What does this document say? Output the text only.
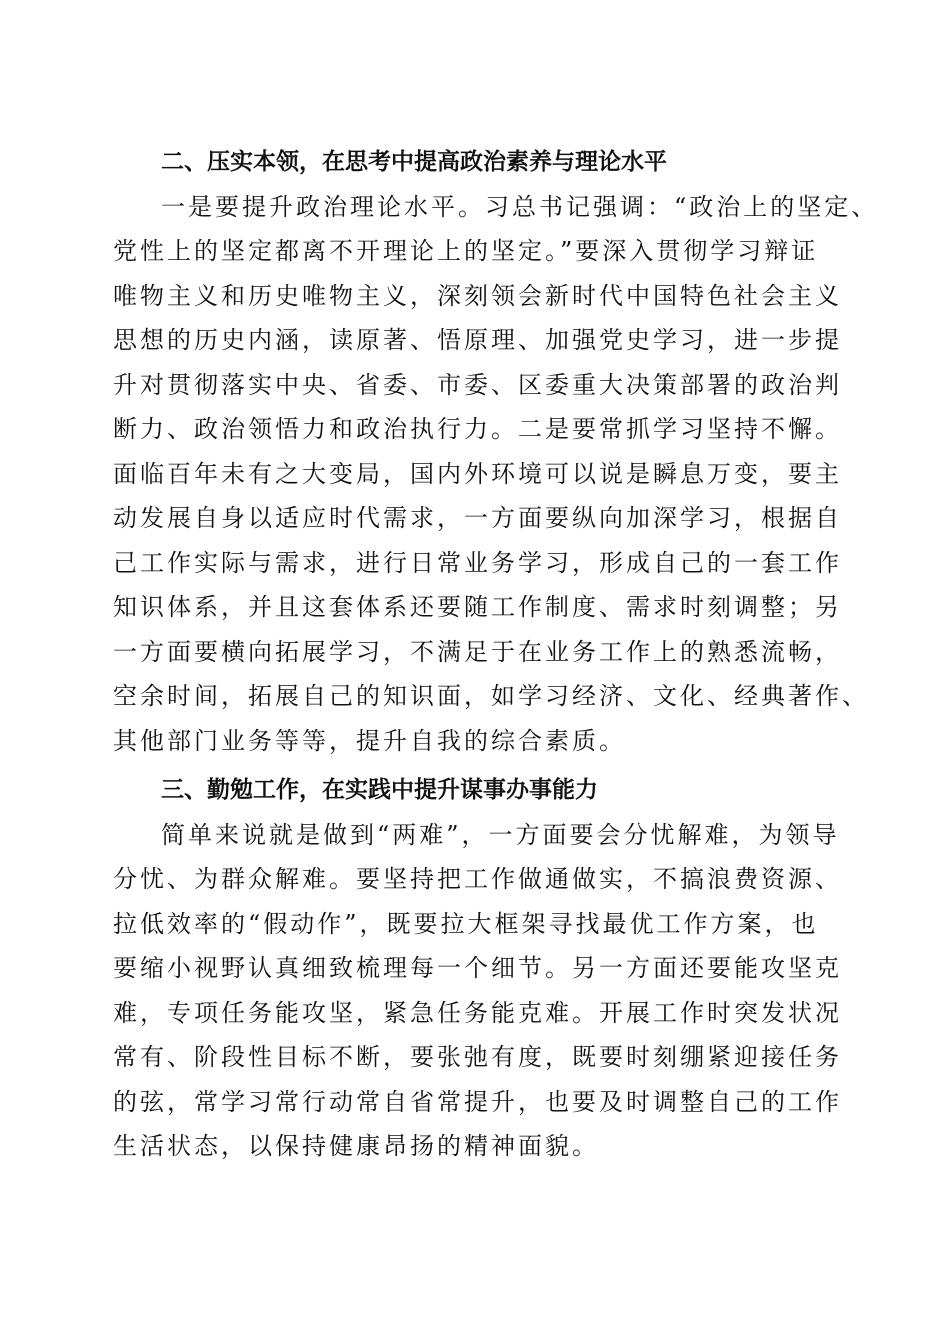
二、压实本领，在思考中提高政治素养与理论水平
一是要提升政治理论水平。习总书记强调：“政治上的坚定、
党性上的坚定都离不开理论上的坚定。”要深入贯彻学习辩证
唯物主义和历史唯物主义，深刻领会新时代中国特色社会主义
思想的历史内涵，读原著、悟原理、加强党史学习，进一步提
升对贯彻落实中央、省委、市委、区委重大决策部署的政治判
断力、政治领悟力和政治执行力。二是要常抓学习坚持不懈。
面临百年未有之大变局，国内外环境可以说是瞬息万变，要主
动发展自身以适应时代需求，一方面要纵向加深学习，根据自
己工作实际与需求，进行日常业务学习，形成自己的一套工作
知识体系，并且这套体系还要随工作制度、需求时刻调整；另
一方面要横向拓展学习，不满足于在业务工作上的熟悉流畅，
空余时间，拓展自己的知识面，如学习经济、文化、经典著作、
其他部门业务等等，提升自我的综合素质。
三、勤勉工作，在实践中提升谋事办事能力
简单来说就是做到“两难”，一方面要会分忧解难，为领导
分忧、为群众解难。要坚持把工作做通做实，不搞浪费资源、
拉低效率的“假动作”，既要拉大框架寻找最优工作方案，也
要缩小视野认真细致梳理每一个细节。另一方面还要能攻坚克
难，专项任务能攻坚，紧急任务能克难。开展工作时突发状况
常有、阶段性目标不断，要张弛有度，既要时刻绷紧迎接任务
的弦，常学习常行动常自省常提升，也要及时调整自己的工作
生活状态，以保持健康昂扬的精神面貌。
